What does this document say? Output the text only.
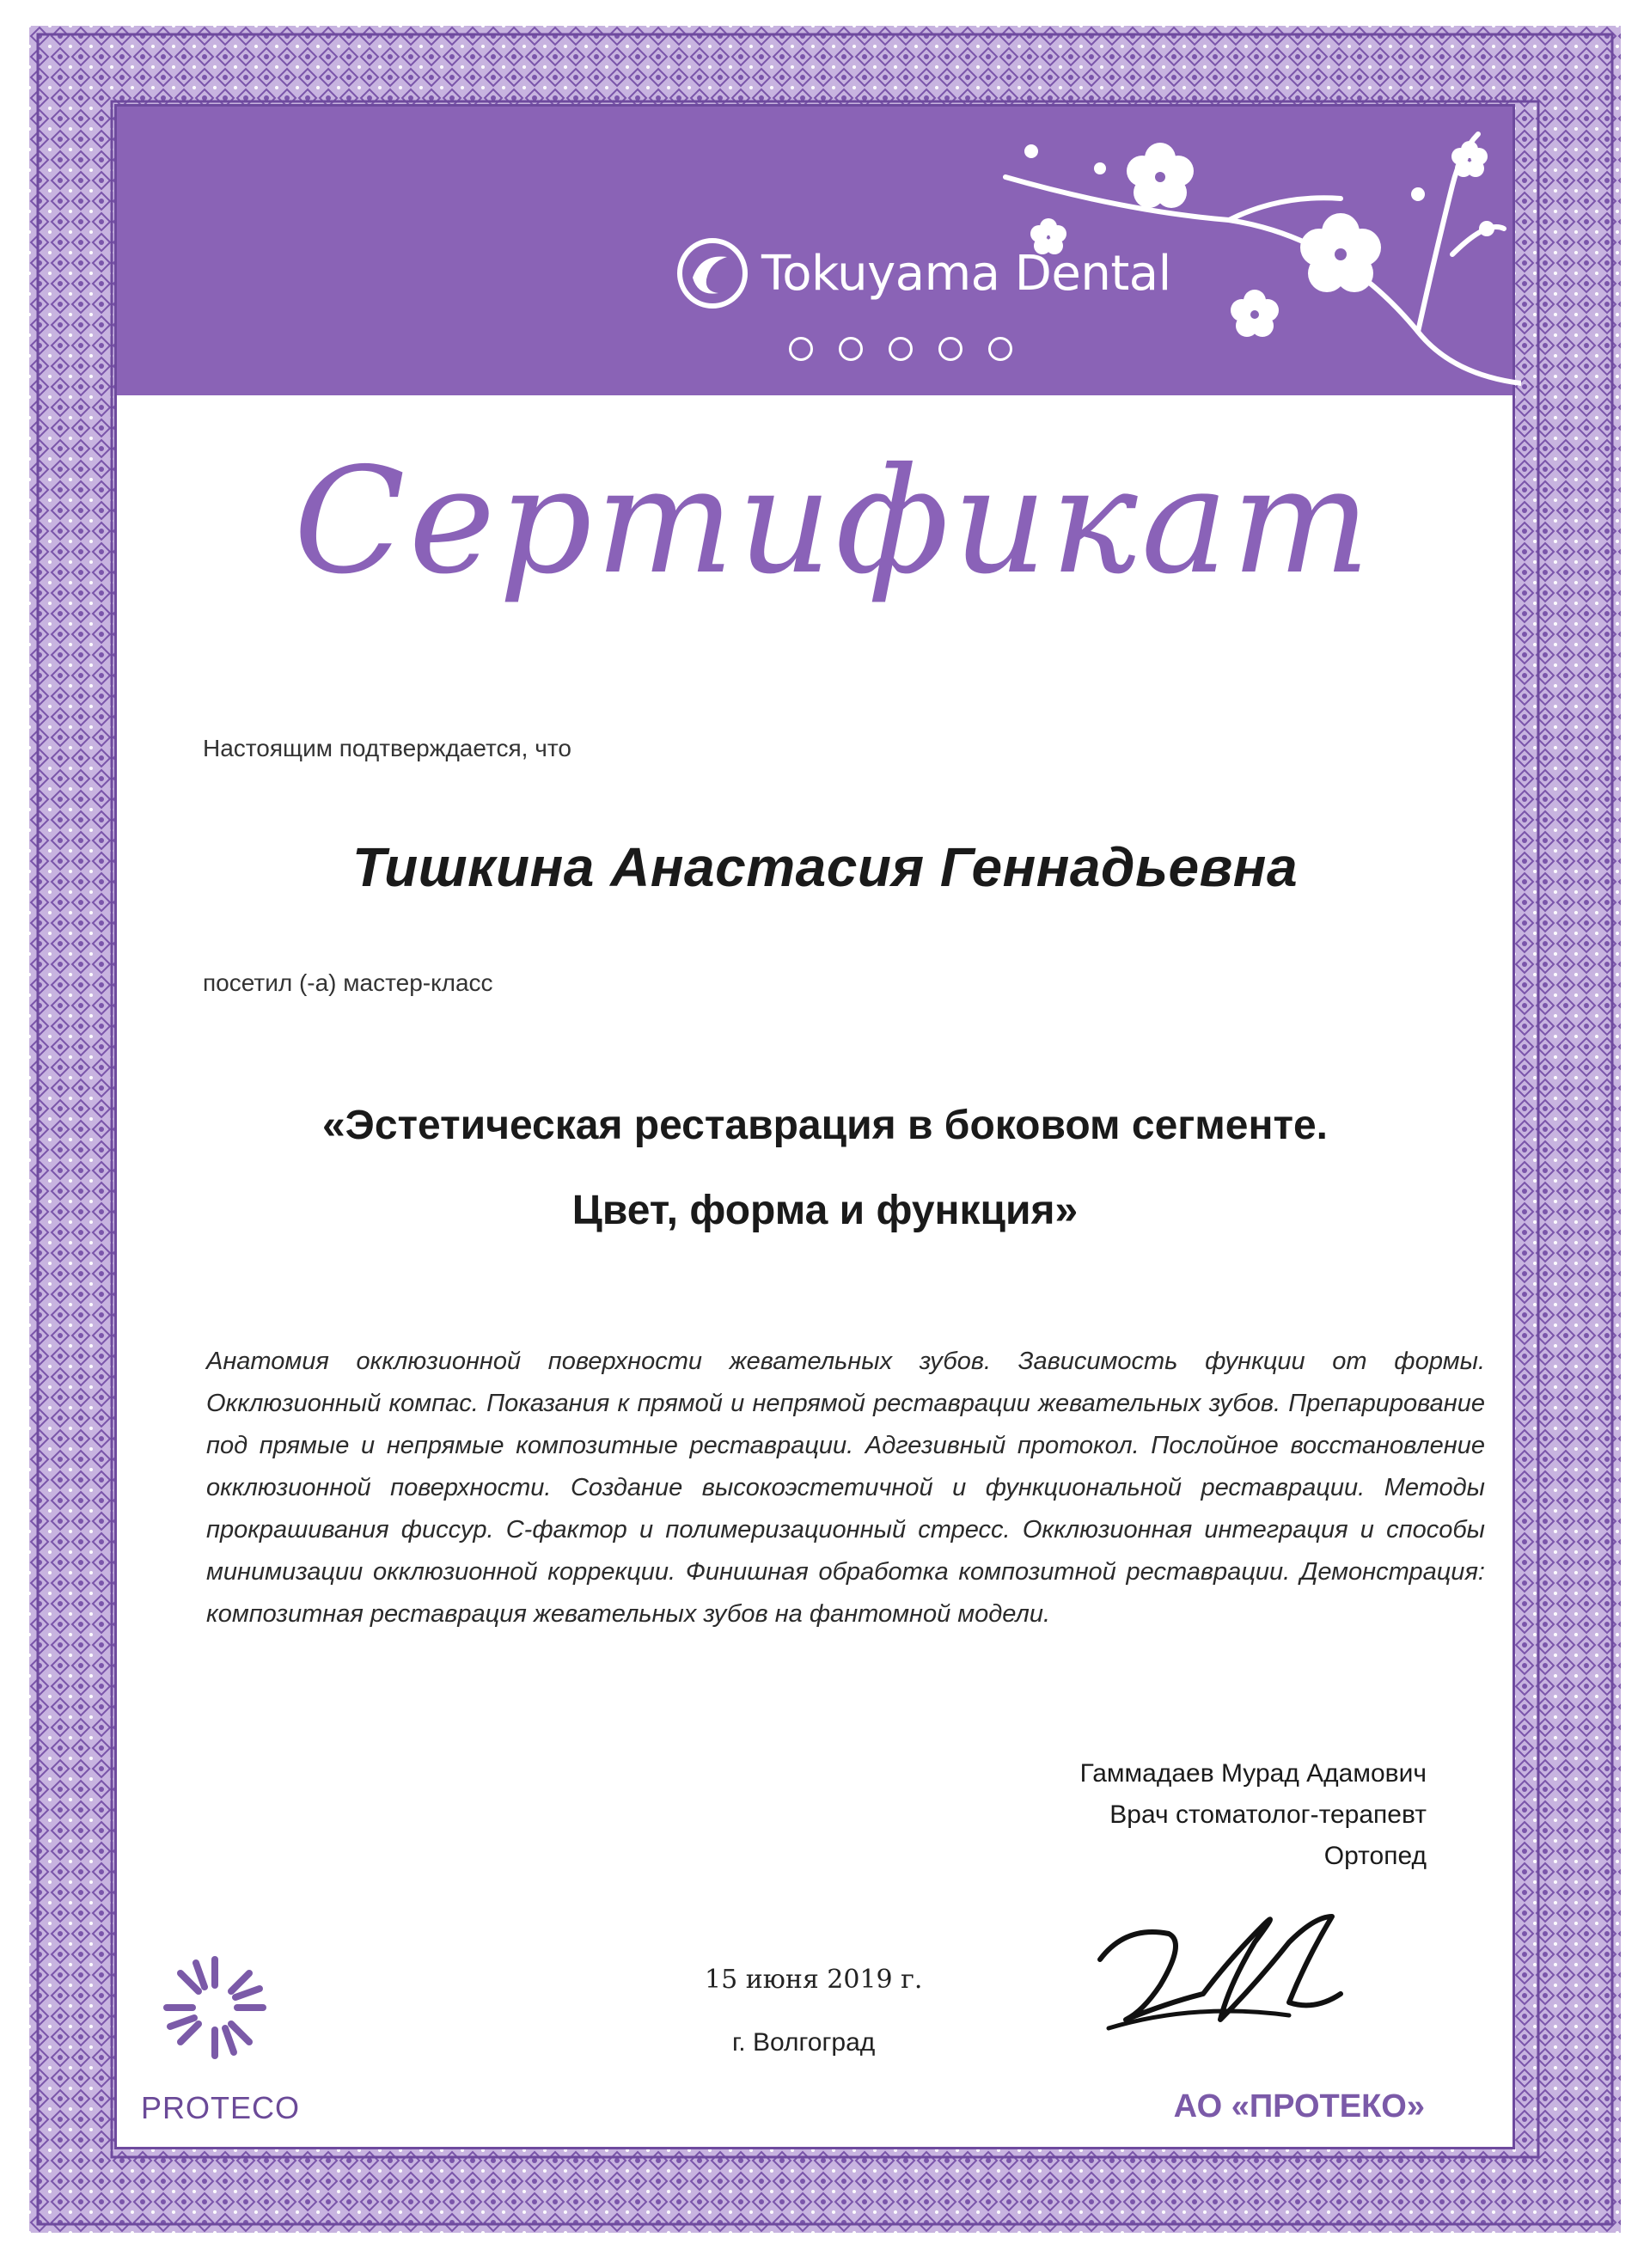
Tokuyama Dental
Сертификат
Настоящим подтверждается, что
Тишкина Анастасия Геннадьевна
посетил (-а) мастер-класс
«Эстетическая реставрация в боковом сегменте.
Цвет, форма и функция»
Анатомия окклюзионной поверхности жевательных зубов. Зависимость функции от формы. Окклюзионный компас. Показания к прямой и непрямой реставрации жевательных зубов. Препарирование под прямые и непрямые композитные реставрации. Адгезивный протокол. Послойное восстановление окклюзионной поверхности. Создание высокоэстетичной и функциональной реставрации. Методы прокрашивания фиссур. С-фактор и полимеризационный стресс. Окклюзионная интеграция и способы минимизации окклюзионной коррекции. Финишная обработка композитной реставрации. Демонстрация: композитная реставрация жевательных зубов на фантомной модели.
Гаммадаев Мурад Адамович
Врач стоматолог-терапевт
Ортопед
15 июня 2019 г.
г. Волгоград
PROTECO	АО «ПРОТЕКО»
